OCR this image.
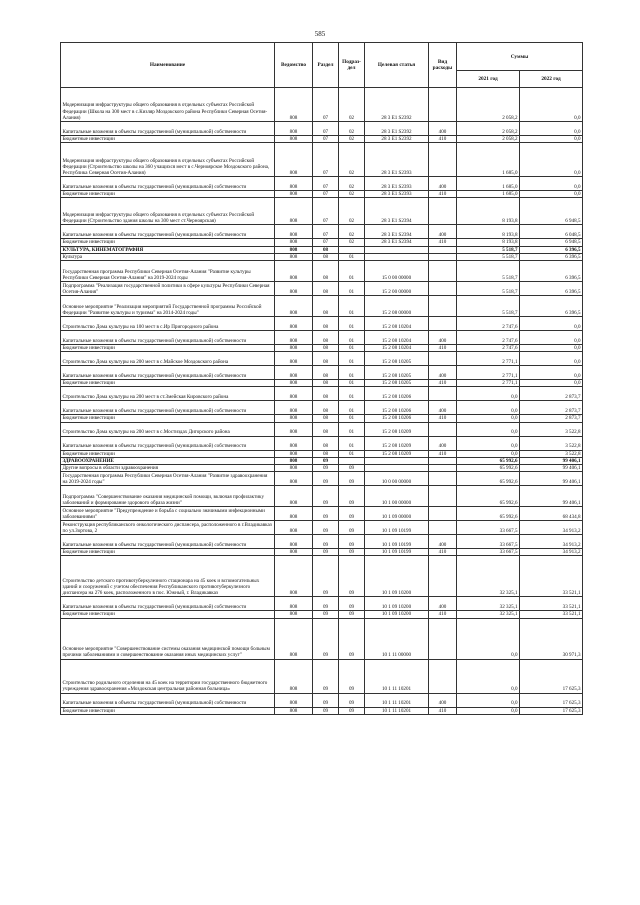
585
Наименование	Ведомство	Раздел	Подраз- дел	Целевая статья	Вид расходы	Суммы	
						2021 год	2022 год
Модернизация инфраструктуры общего образования в отдельных субъектах Российской Федерации (Школа на 300 мест в с.Кизляр Моздокского района Республики Северная Осетия-Алания)	808	07	02	28 3 E1 S2392		2 058,2	0,0
Капитальные вложения в объекты государственной (муниципальной) собственности	808	07	02	28 3 E1 S2392	400	2 058,2	0,0
Бюджетные инвестиции	808	07	02	28 3 E1 S2392	410	2 058,2	0,0
Модернизация инфраструктуры общего образования в отдельных субъектах Российской Федерации (Строительство школы на 360 учащихся мест в с.Черноярское Моздокского района, Республика Северная Осетия-Алания)	808	07	02	28 3 E1 S2393		1 685,0	0,0
Капитальные вложения в объекты государственной (муниципальной) собственности	808	07	02	28 3 E1 S2393	400	1 685,0	0,0
Бюджетные инвестиции	808	07	02	28 3 E1 S2393	410	1 685,0	0,0
Модернизация инфраструктуры общего образования в отдельных субъектах Российской Федерации (Строительство здания школы на 300 мест ст.Черноярская)	808	07	02	28 3 E1 S2394		8 193,8	6 948,5
Капитальные вложения в объекты государственной (муниципальной) собственности	808	07	02	28 3 E1 S2394	400	8 193,8	6 048,5
Бюджетные инвестиции	808	07	02	28 3 E1 S2394	410	8 193,8	6 948,5
КУЛЬТУРА, КИНЕМАТОГРАФИЯ	808	08				5 518,7	6 396,5
Культура	808	08	01			5 518,7	6 396,5
Государственная программа Республики Северная Осетия-Алания "Развитие культуры Республики Северная Осетия-Алания" на 2019-2024 годы	808	08	01	15 0 00 00000		5 518,7	6 396,5
Подпрограмма "Реализация государственной политики в сфере культуры Республики Северная Осетия-Алания"	808	08	01	15 2 00 00000		5 518,7	6 396,5
Основное мероприятие "Реализация мероприятий Государственной программы Российской Федерации "Развитие культуры и туризма" на 2014-2024 годы"	808	08	01	15 2 08 00000		5 518,7	6 396,5
Строительство Дома культуры на 100 мест в с.Ир Пригородного района	808	08	01	15 2 08 10204		2 747,6	0,0
Капитальные вложения в объекты государственной (муниципальной) собственности	808	08	01	15 2 08 10204	400	2 747,6	0,0
Бюджетные инвестиции	808	08	01	15 2 08 10204	410	2 747,6	0,0
Строительство Дома культуры на 200 мест в с.Майское Моздокского района	808	08	01	15 2 08 10205		2 771,1	0,0
Капитальные вложения в объекты государственной (муниципальной) собственности	808	08	01	15 2 08 10205	400	2 771,1	0,0
Бюджетные инвестиции	808	08	01	15 2 08 10205	410	2 771,1	0,0
Строительство Дома культуры на 200 мест в ст.Змейская Кировского района	808	08	01	15 2 08 10206		0,0	2 873,7
Капитальные вложения в объекты государственной (муниципальной) собственности	808	08	01	15 2 08 10206	400	0,0	2 873,7
Бюджетные инвестиции	808	08	01	15 2 08 10206	410	0,0	2 873,7
Строительство Дома культуры на 200 мест в с.Мостиздах Дигорского района	808	08	01	15 2 08 10209		0,0	3 522,8
Капитальные вложения в объекты государственной (муниципальной) собственности	808	08	01	15 2 08 10209	400	0,0	3 522,8
Бюджетные инвестиции	808	08	01	15 2 08 10209	410	0,0	3 522,8
ЗДРАВООХРАНЕНИЕ	808	09				65 992,6	99 406,1
Другие вопросы в области здравоохранения	808	09	09			65 992,6	99 406,1
Государственная программа Республики Северная Осетия-Алания "Развитие здравоохранения на 2019-2024 годы"	808	09	09	10 0 00 00000		65 992,6	99 406,1
Подпрограмма "Совершенствование оказания медицинской помощи, включая профилактику заболеваний и формирование здорового образа жизни"	808	09	09	10 1 00 00000		65 992,6	99 406,1
Основное мероприятие "Предупреждение и борьба с социально значимыми инфекционными заболеваниями"	808	09	09	10 1 09 00000		65 992,6	68 434,8
Реконструкция республиканского онкологического диспансера, расположенного в г.Владикавказ по ул.Зортова, 2	808	09	09	10 1 09 10199		33 667,5	34 913,2
Капитальные вложения в объекты государственной (муниципальной) собственности	808	09	09	10 1 09 10199	400	33 667,5	34 913,2
Бюджетные инвестиции	808	09	09	10 1 09 10199	410	33 667,5	34 913,2
Строительство детского противотуберкулезного стационара на 45 коек и вспомогательных зданий и сооружений с учетом обеспечения Республиканского противотуберкулезного диспансера на 276 коек, расположенного в пос. Южный, г. Владикавказ	808	09	09	10 1 09 10200		32 325,1	33 521,1
Капитальные вложения в объекты государственной (муниципальной) собственности	808	09	09	10 1 09 10200	400	32 325,1	33 521,1
Бюджетные инвестиции	808	09	09	10 1 09 10200	410	32 325,1	33 521,1
Основное мероприятие "Совершенствование системы оказания медицинской помощи больным прочими заболеваниями и совершенствование оказания иных медицинских услуг"	808	09	09	10 1 11 00000		0,0	30 971,3
Строительство родильного отделения на 45 коек на территории государственного бюджетного учреждения здравоохранения «Моздокская центральная районная больница»	808	09	09	10 1 11 10201		0,0	17 625,3
Капитальные вложения в объекты государственной (муниципальной) собственности	808	09	09	10 1 11 10201	400	0,0	17 625,3
Бюджетные инвестиции	808	09	09	10 1 11 10201	410	0,0	17 625,3
